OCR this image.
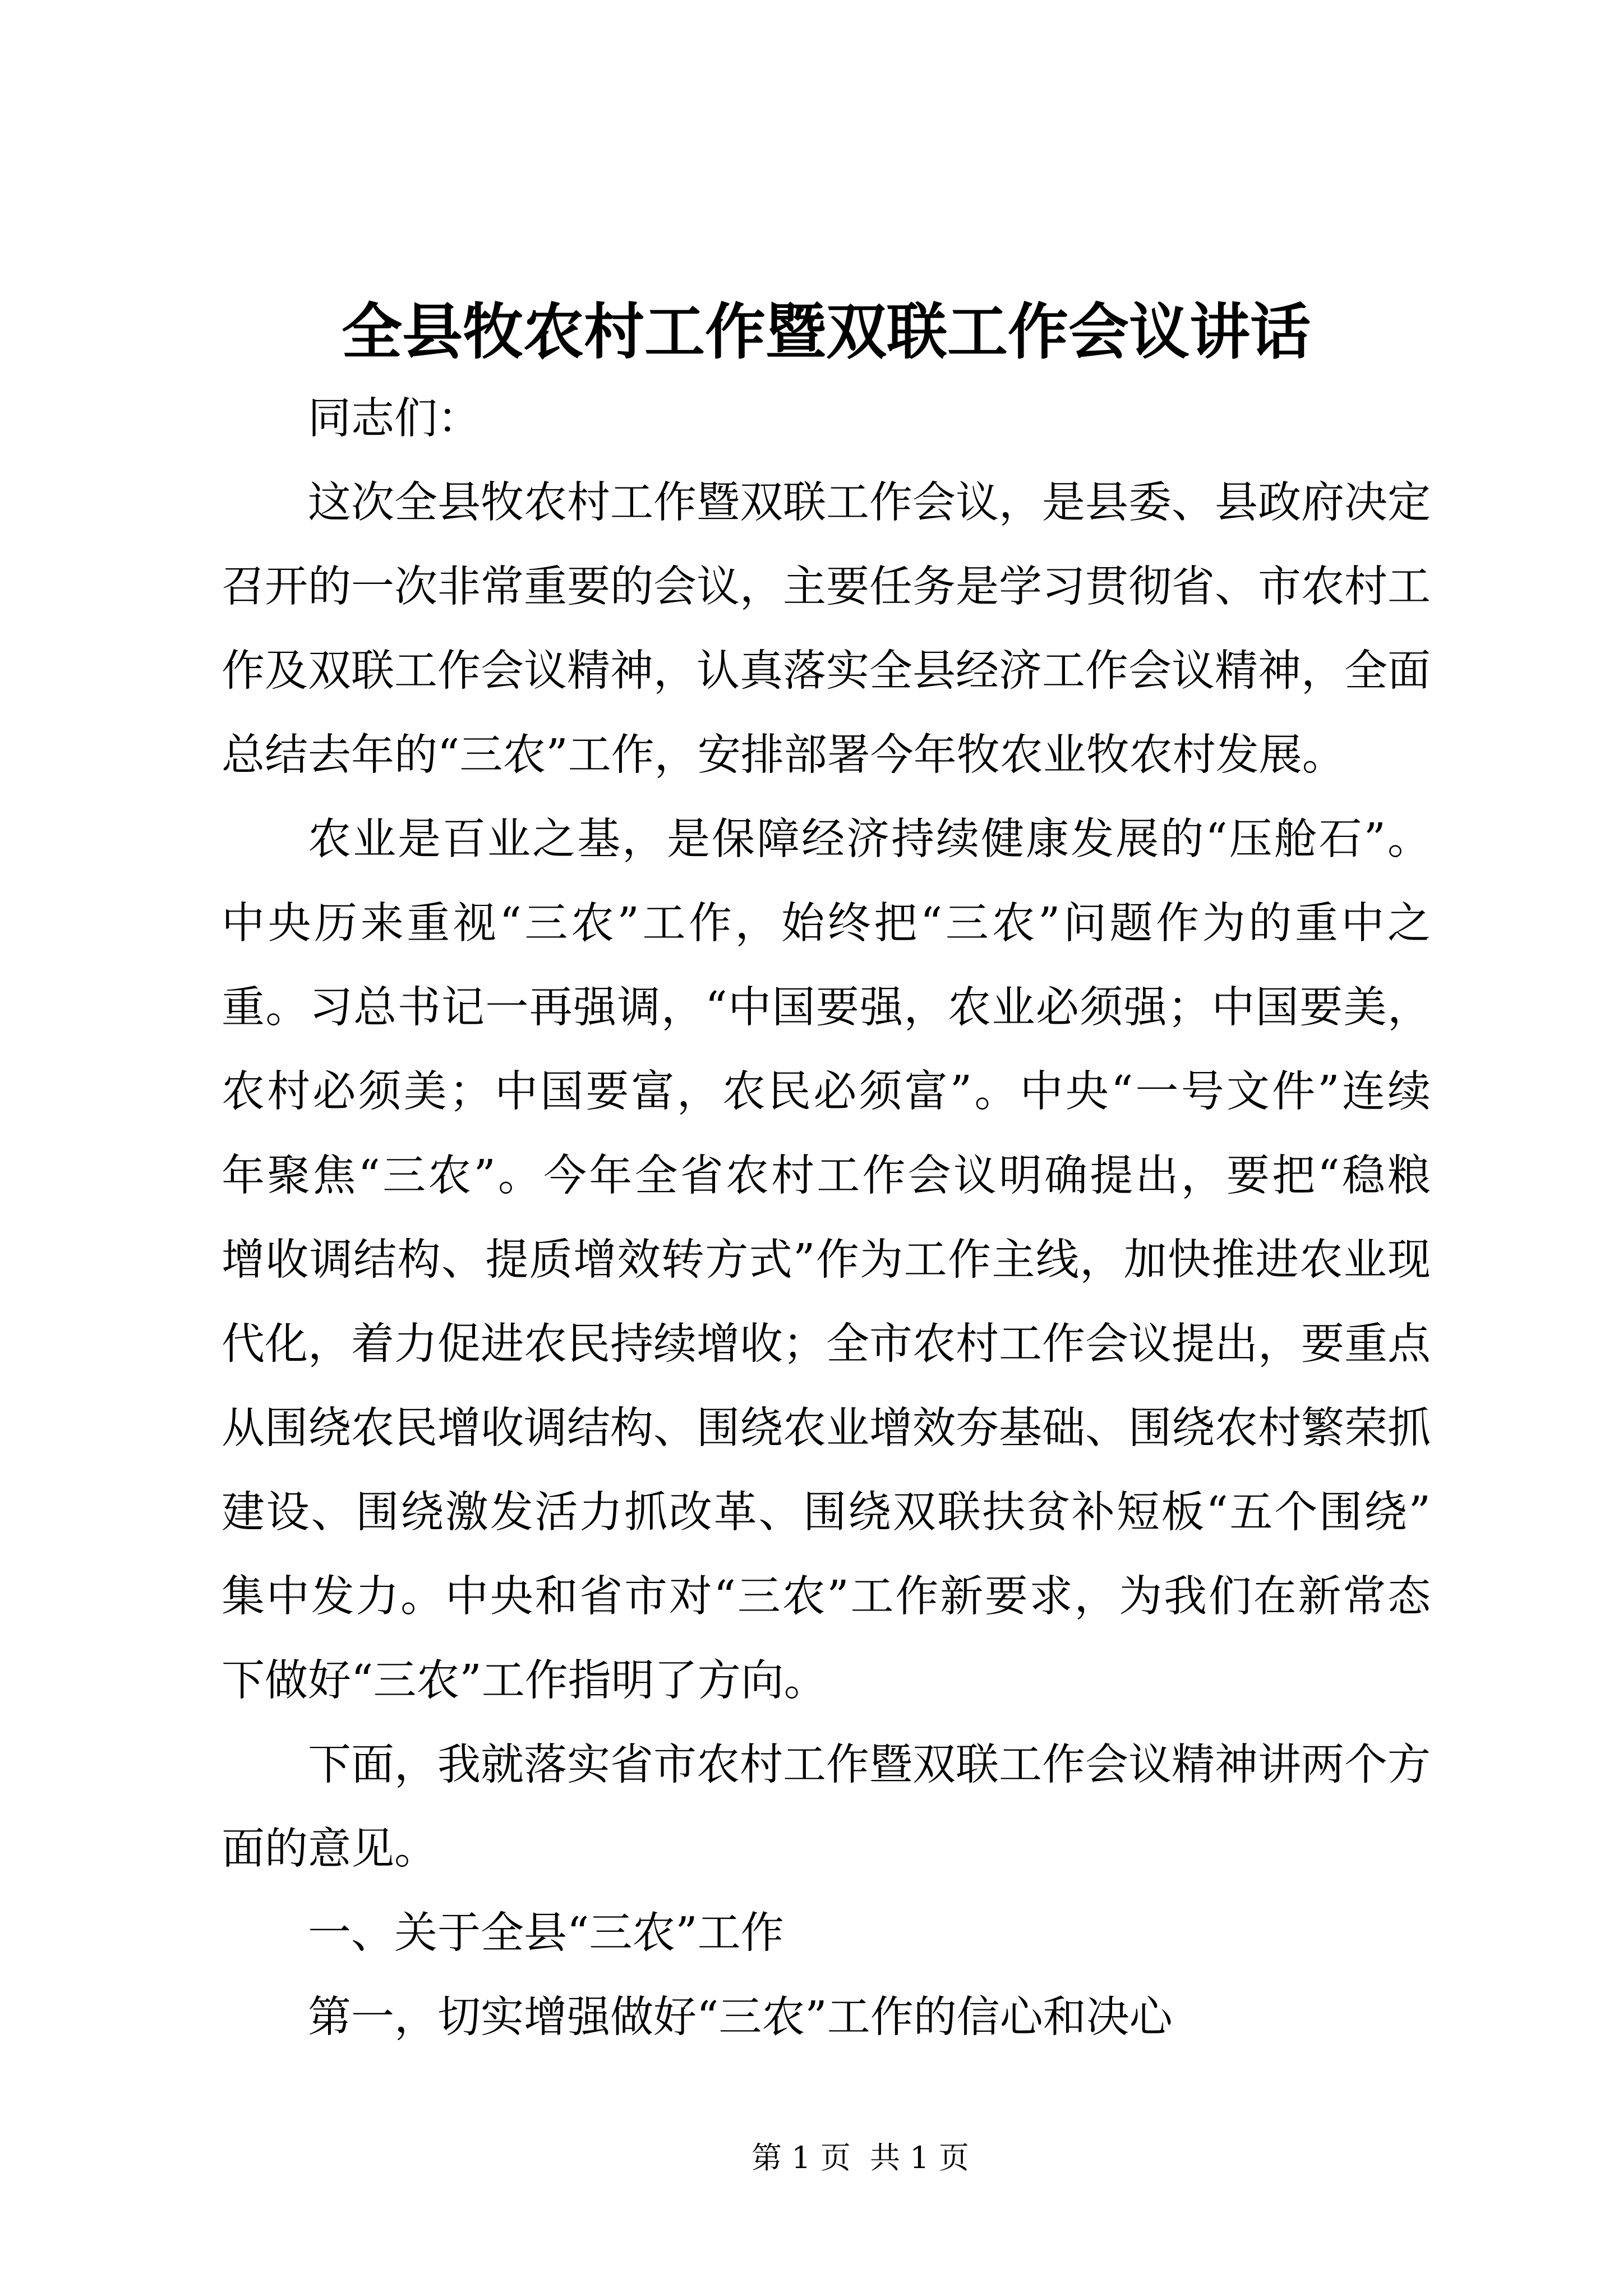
全县牧农村工作暨双联工作会议讲话
同志们：
这次全县牧农村工作暨双联工作会议，是县委、县政府决定
召开的一次非常重要的会议，主要任务是学习贯彻省、市农村工
作及双联工作会议精神，认真落实全县经济工作会议精神，全面
总结去年的“三农”工作，安排部署今年牧农业牧农村发展。
农业是百业之基，是保障经济持续健康发展的“压舱石”。
中央历来重视“三农”工作，始终把“三农”问题作为的重中之
重。习总书记一再强调，“中国要强，农业必须强；中国要美，
农村必须美；中国要富，农民必须富”。中央“一号文件”连续
年聚焦“三农”。今年全省农村工作会议明确提出，要把“稳粮
增收调结构、提质增效转方式”作为工作主线，加快推进农业现
代化，着力促进农民持续增收；全市农村工作会议提出，要重点
从围绕农民增收调结构、围绕农业增效夯基础、围绕农村繁荣抓
建设、围绕激发活力抓改革、围绕双联扶贫补短板“五个围绕”
集中发力。中央和省市对“三农”工作新要求，为我们在新常态
下做好“三农”工作指明了方向。
下面，我就落实省市农村工作暨双联工作会议精神讲两个方
面的意见。
一、关于全县“三农”工作
第一，切实增强做好“三农”工作的信心和决心
第 1 页  共 1 页
